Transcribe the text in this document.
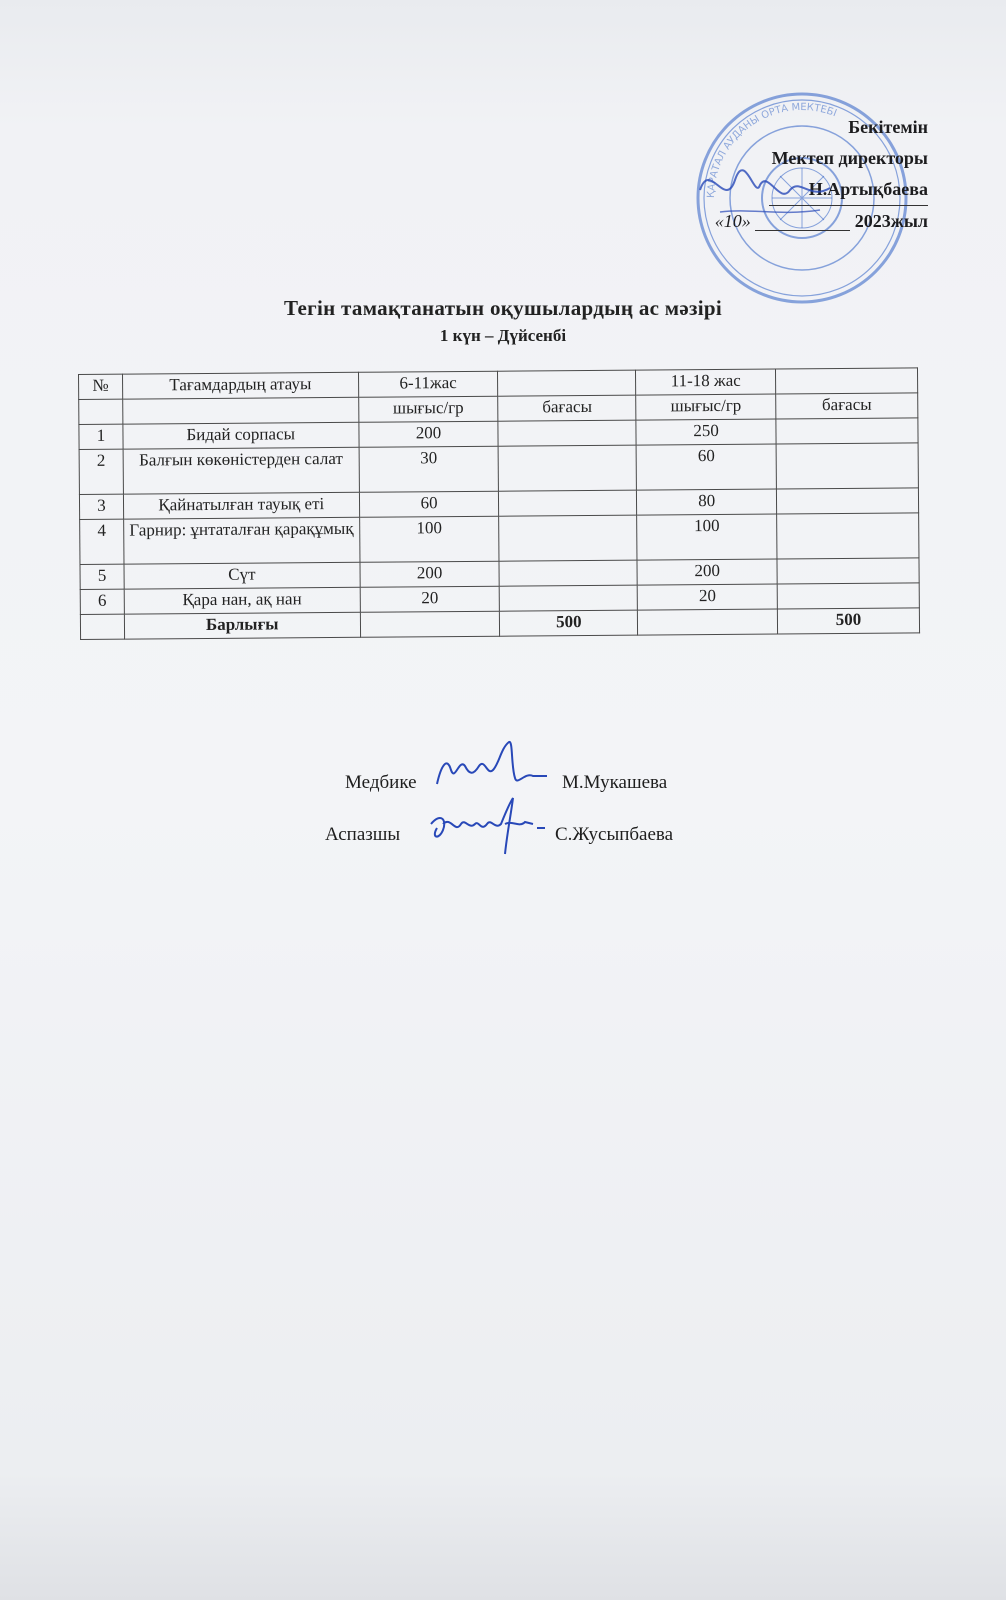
ҚАРАТАЛ АУДАНЫ ОРТА МЕКТЕБІ
Бекітемін
Мектеп директоры
Н.Артықбаева
«10»	2023жыл
Тегін тамақтанатын оқушылардың ас мәзірі
1 күн – Дүйсенбі
№	Тағамдардың атауы	6-11жас		11-18 жас	
		шығыс/гр	бағасы	шығыс/гр	бағасы
1	Бидай сорпасы	200		250	
2	Балғын көкөністерден салат	30		60	
3	Қайнатылған тауық еті	60		80	
4	Гарнир: ұнтаталған қарақұмық	100		100	
5	Сүт	200		200	
6	Қара нан, ақ нан	20		20	
	Барлығы		500		500
Медбике	М.Мукашева
Аспазшы	С.Жусыпбаева
